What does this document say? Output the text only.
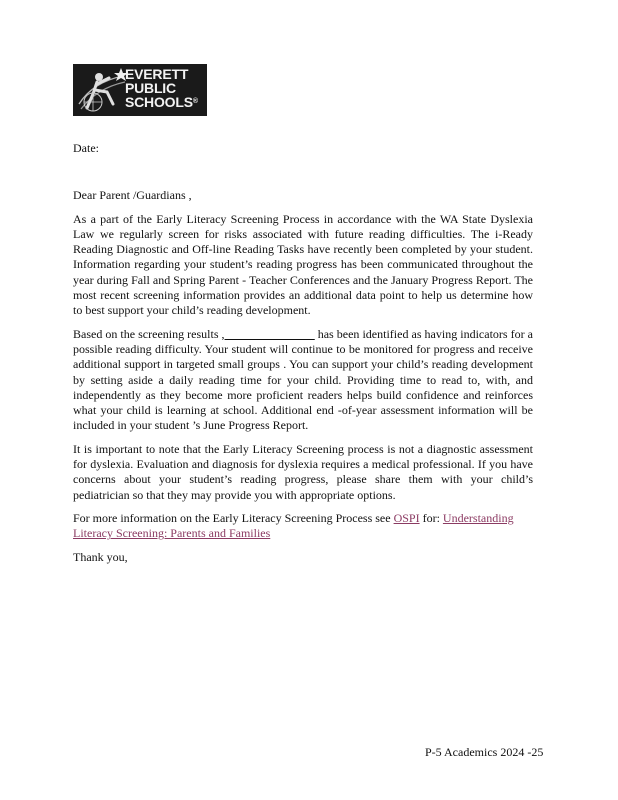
EVERETT
PUBLIC
SCHOOLS®

Date:

Dear Parent /Guardians ,

As a part of the Early Literacy Screening Process in accordance with the WA State Dyslexia Law we regularly screen for risks associated with future reading difficulties. The i-Ready Reading Diagnostic and Off-line Reading Tasks have recently been completed by your student. Information regarding your student’s reading progress has been communicated throughout the year during Fall and Spring Parent - Teacher Conferences and the January Progress Report. The most recent screening information provides an additional data point to help us determine how to best support your child’s reading development.

Based on the screening results ,_____ ______ ___ has been identified as having indicators for a possible reading difficulty. Your student will continue to be monitored for progress and receive additional support in targeted small groups . You can support your child’s reading development by setting aside a daily reading time for your child. Providing time to read to, with, and independently as they become more proficient readers helps build confidence and reinforces what your child is learning at school. Additional end -of-year assessment information will be included in your student ’s June Progress Report.

It is important to note that the Early Literacy Screening process is not a diagnostic assessment for dyslexia. Evaluation and diagnosis for dyslexia requires a medical professional. If you have concerns about your student’s reading progress, please share them with your child’s pediatrician so that they may provide you with appropriate options.

For more information on the Early Literacy Screening Process see OSPI for: Understanding Literacy Screening: Parents and Families

Thank you,

P-5 Academics 2024 -25
